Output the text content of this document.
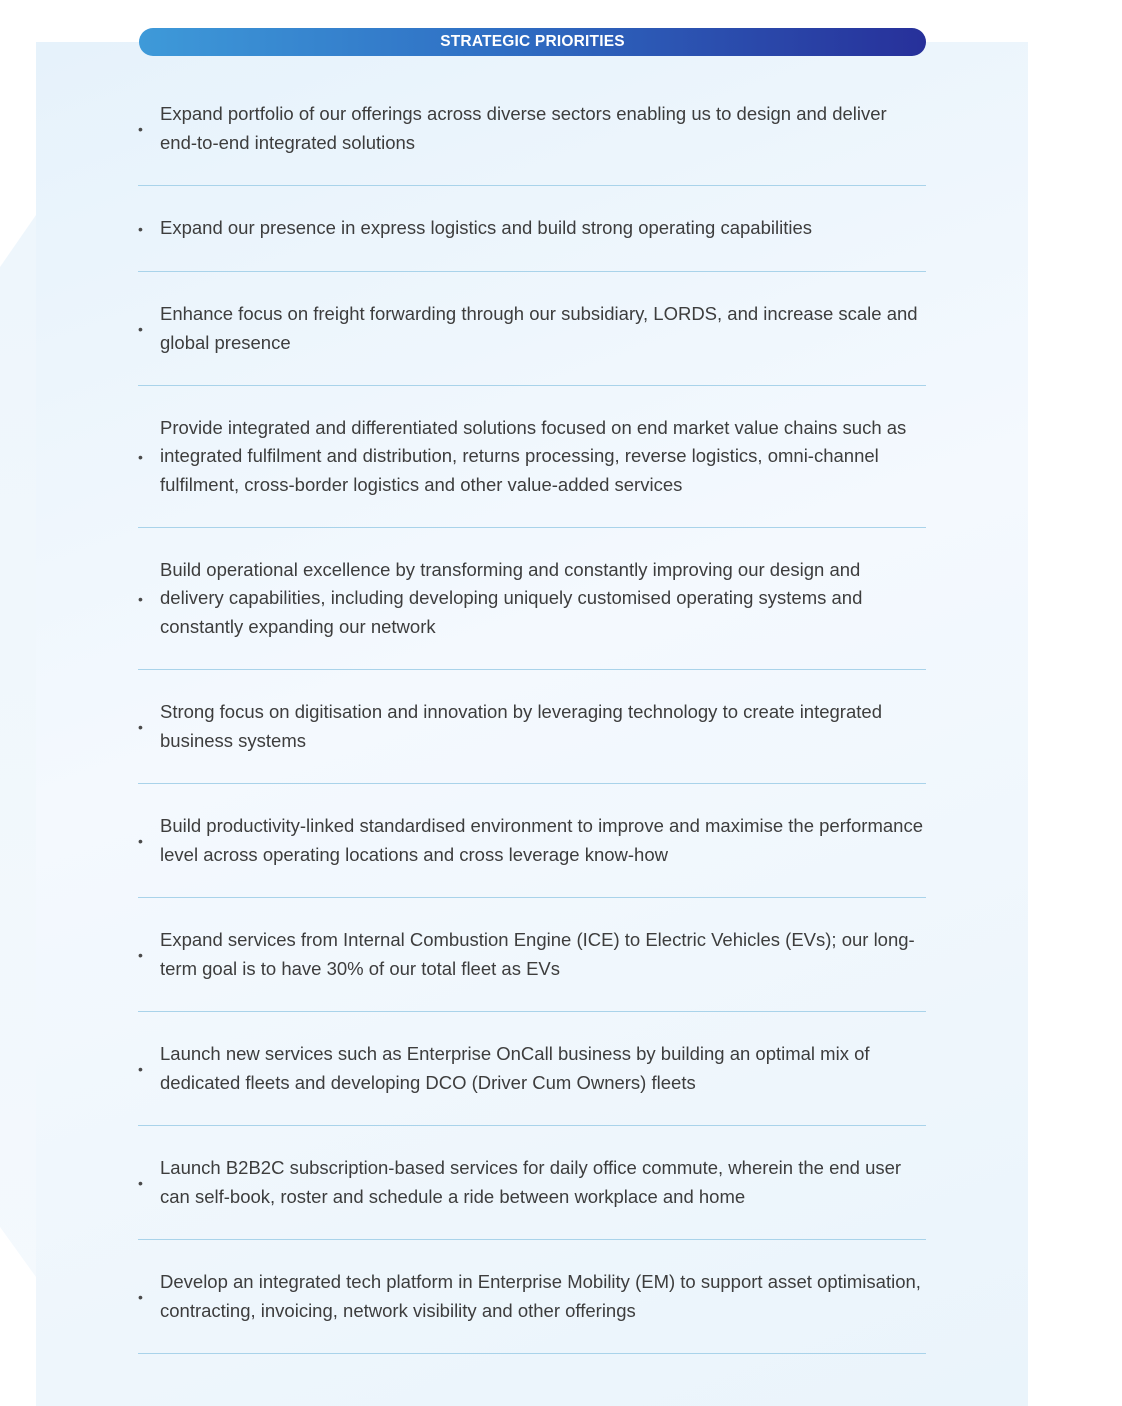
STRATEGIC PRIORITIES
•
Expand portfolio of our offerings across diverse sectors enabling us to design and deliver end-to-end integrated solutions
• Expand our presence in express logistics and build strong operating capabilities
•
Enhance focus on freight forwarding through our subsidiary, LORDS, and increase scale and global presence
•
Provide integrated and differentiated solutions focused on end market value chains such as integrated fulfilment and distribution, returns processing, reverse logistics, omni-channel fulfilment, cross-border logistics and other value-added services
•
Build operational excellence by transforming and constantly improving our design and delivery capabilities, including developing uniquely customised operating systems and constantly expanding our network
•
Strong focus on digitisation and innovation by leveraging technology to create integrated business systems
•
Build productivity-linked standardised environment to improve and maximise the performance level across operating locations and cross leverage know-how
•
Expand services from Internal Combustion Engine (ICE) to Electric Vehicles (EVs); our long-term goal is to have 30% of our total fleet as EVs
•
Launch new services such as Enterprise OnCall business by building an optimal mix of dedicated fleets and developing DCO (Driver Cum Owners) fleets
•
Launch B2B2C subscription-based services for daily office commute, wherein the end user can self-book, roster and schedule a ride between workplace and home
•
Develop an integrated tech platform in Enterprise Mobility (EM) to support asset optimisation, contracting, invoicing, network visibility and other offerings
